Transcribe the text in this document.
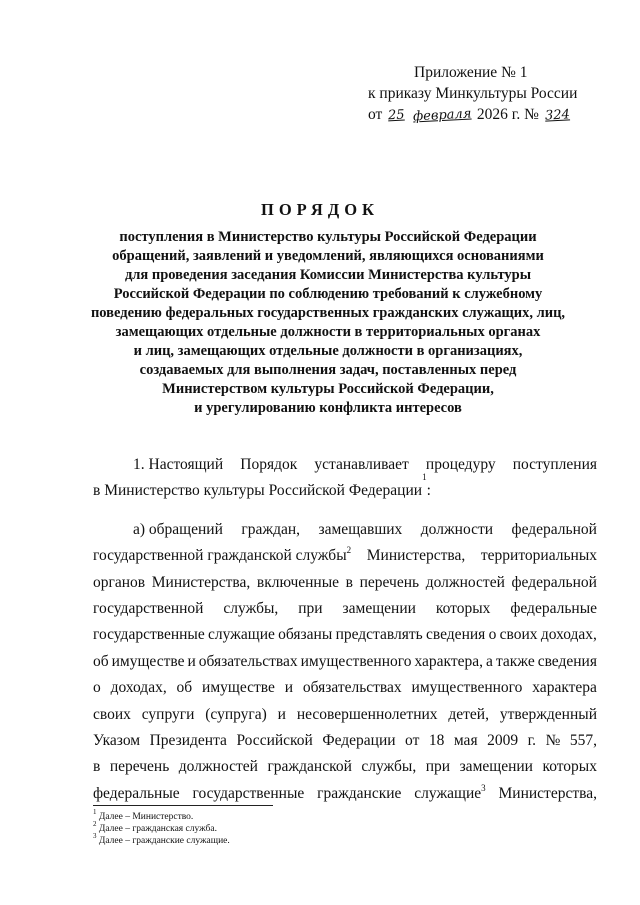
Приложение № 1
к приказу Минкультуры России
от 25 февраля 2026 г. № 324
ПОРЯДОК
поступления в Министерство культуры Российской Федерации
обращений, заявлений и уведомлений, являющихся основаниями
для проведения заседания Комиссии Министерства культуры
Российской Федерации по соблюдению требований к служебному
поведению федеральных государственных гражданских служащих, лиц,
замещающих отдельные должности в территориальных органах
и лиц, замещающих отдельные должности в организациях,
создаваемых для выполнения задач, поставленных перед
Министерством культуры Российской Федерации,
и урегулированию конфликта интересов
1. Настоящий Порядок устанавливает процедуру поступления
в Министерство культуры Российской Федерации
$^1$
:
а) обращений граждан, замещавших должности федеральной
государственной гражданской службы$^2$ Министерства, территориальных
органов Министерства, включенные в перечень должностей федеральной
государственной службы, при замещении которых федеральные
государственные служащие обязаны представлять сведения о своих доходах,
об имуществе и обязательствах имущественного характера, а также сведения
о доходах, об имуществе и обязательствах имущественного характера
своих супруги (супруга) и несовершеннолетних детей, утвержденный
Указом Президента Российской Федерации от 18 мая 2009 г. № 557,
в перечень должностей гражданской службы, при замещении которых
федеральные государственные гражданские служащие$^3$ Министерства,
$^1$ Далее – Министерство.
$^2$ Далее – гражданская служба.
$^3$ Далее – гражданские служащие.
